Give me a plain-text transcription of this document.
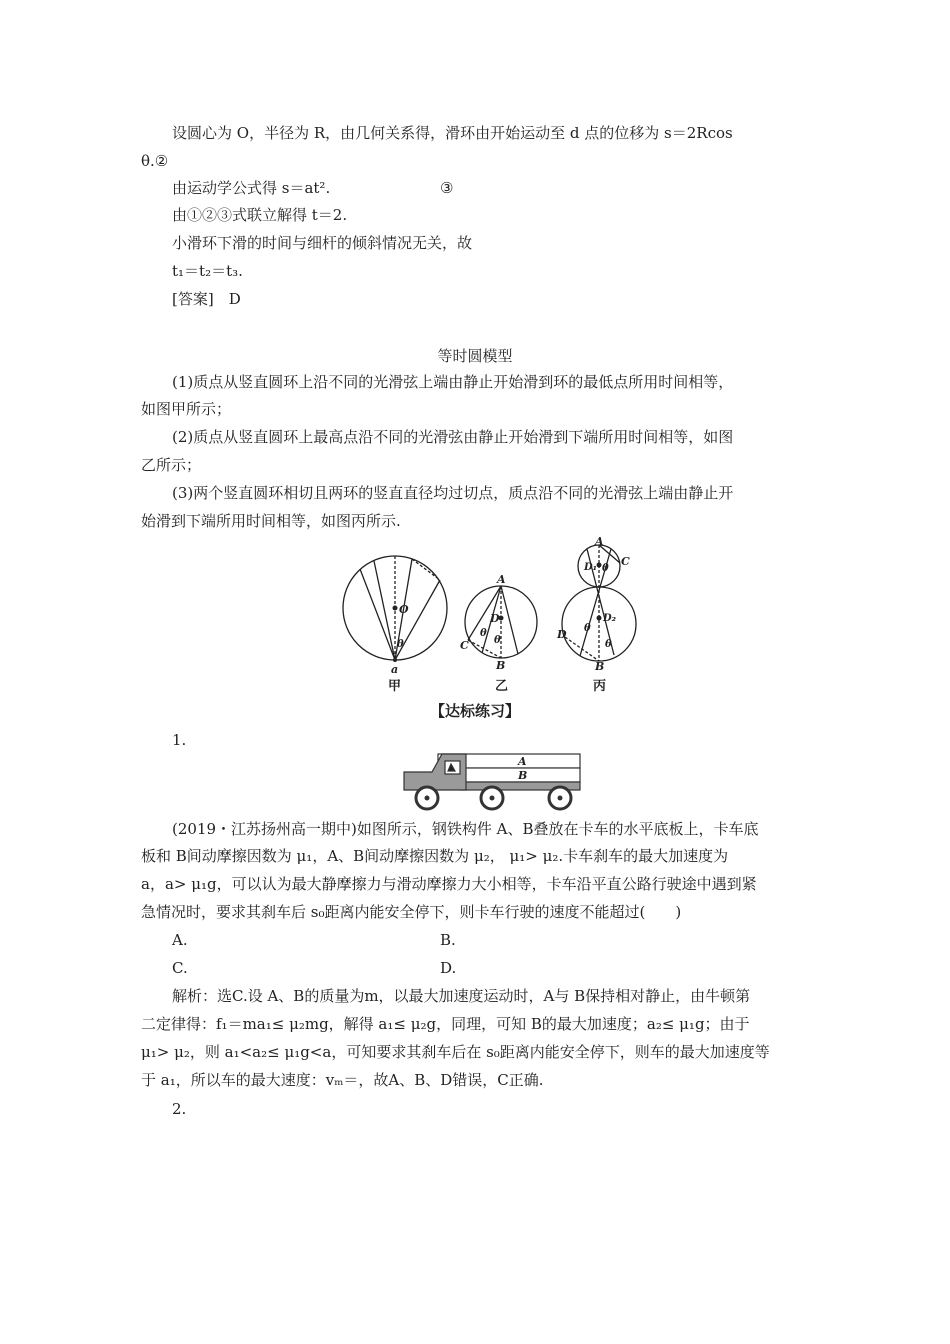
设圆心为 O，半径为 R，由几何关系得，滑环由开始运动至 d 点的位移为 s＝2Rcos
θ.②
由运动学公式得 s＝at².	③
由①②③式联立解得 t＝2.
小滑环下滑的时间与细杆的倾斜情况无关，故
t₁＝t₂＝t₃.
[答案]　D
等时圆模型
(1)质点从竖直圆环上沿不同的光滑弦上端由静止开始滑到环的最低点所用时间相等，
如图甲所示；
(2)质点从竖直圆环上最高点沿不同的光滑弦由静止开始滑到下端所用时间相等，如图
乙所示；
(3)两个竖直圆环相切且两环的竖直直径均过切点，质点沿不同的光滑弦上端由静止开
始滑到下端所用时间相等，如图丙所示.
O
θ
a
A
D
C
B
θ
θ
A
C
D₁ θ
D₂
D θ
θ
B
甲	乙	丙
【达标练习】
1.
A
B
(2019・江苏扬州高一期中)如图所示，钢铁构件 A、B叠放在卡车的水平底板上，卡车底
板和 B间动摩擦因数为 μ₁，A、B间动摩擦因数为 μ₂， μ₁> μ₂.卡车刹车的最大加速度为
a，a> μ₁g，可以认为最大静摩擦力与滑动摩擦力大小相等，卡车沿平直公路行驶途中遇到紧
急情况时，要求其刹车后 s₀距离内能安全停下，则卡车行驶的速度不能超过(　　)
A.	B.
C.	D.
解析：选C.设 A、B的质量为m，以最大加速度运动时，A与 B保持相对静止，由牛顿第
二定律得：f₁＝ma₁≤ μ₂mg，解得 a₁≤ μ₂g，同理，可知 B的最大加速度；a₂≤ μ₁g；由于
μ₁> μ₂，则 a₁<a₂≤ μ₁g<a，可知要求其刹车后在 s₀距离内能安全停下，则车的最大加速度等
于 a₁，所以车的最大速度：vₘ＝，故A、B、D错误，C正确.
2.
